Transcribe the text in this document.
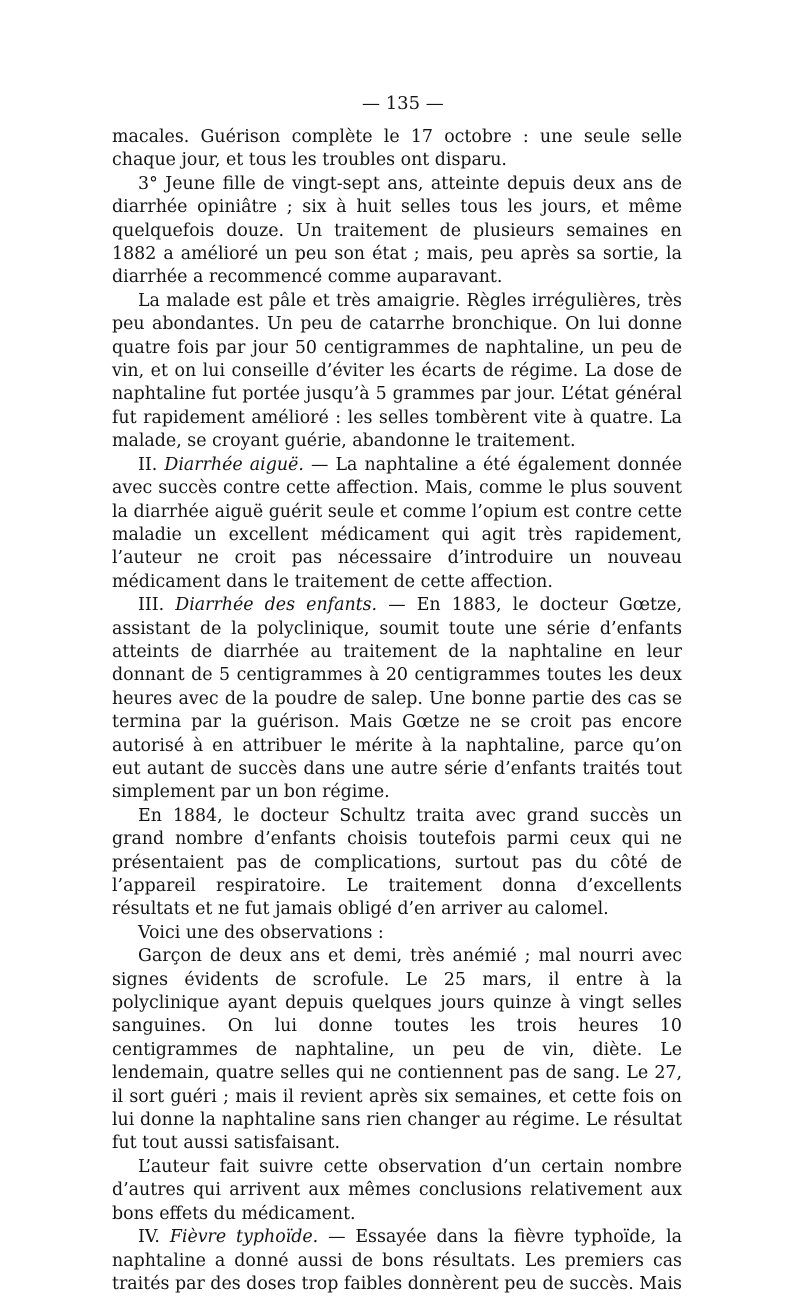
— 135 —

macales. Guérison complète le 17 octobre : une seule selle chaque jour, et tous les troubles ont disparu.

3° Jeune fille de vingt-sept ans, atteinte depuis deux ans de diarrhée opiniâtre ; six à huit selles tous les jours, et même quelquefois douze. Un traitement de plusieurs semaines en 1882 a amélioré un peu son état ; mais, peu après sa sortie, la diarrhée a recommencé comme auparavant.

La malade est pâle et très amaigrie. Règles irrégulières, très peu abondantes. Un peu de catarrhe bronchique. On lui donne quatre fois par jour 50 centigrammes de naphtaline, un peu de vin, et on lui conseille d’éviter les écarts de régime. La dose de naphtaline fut portée jusqu’à 5 grammes par jour. L’état général fut rapidement amélioré : les selles tombèrent vite à quatre. La malade, se croyant guérie, abandonne le traitement.

II. Diarrhée aiguë. — La naphtaline a été également donnée avec succès contre cette affection. Mais, comme le plus souvent la diarrhée aiguë guérit seule et comme l’opium est contre cette maladie un excellent médicament qui agit très rapidement, l’auteur ne croit pas nécessaire d’introduire un nouveau médicament dans le traitement de cette affection.

III. Diarrhée des enfants. — En 1883, le docteur Gœtze, assistant de la polyclinique, soumit toute une série d’enfants atteints de diarrhée au traitement de la naphtaline en leur donnant de 5 centigrammes à 20 centigrammes toutes les deux heures avec de la poudre de salep. Une bonne partie des cas se termina par la guérison. Mais Gœtze ne se croit pas encore autorisé à en attribuer le mérite à la naphtaline, parce qu’on eut autant de succès dans une autre série d’enfants traités tout simplement par un bon régime.

En 1884, le docteur Schultz traita avec grand succès un grand nombre d’enfants choisis toutefois parmi ceux qui ne présentaient pas de complications, surtout pas du côté de l’appareil respiratoire. Le traitement donna d’excellents résultats et ne fut jamais obligé d’en arriver au calomel.

Voici une des observations :

Garçon de deux ans et demi, très anémié ; mal nourri avec signes évidents de scrofule. Le 25 mars, il entre à la polyclinique ayant depuis quelques jours quinze à vingt selles sanguines. On lui donne toutes les trois heures 10 centigrammes de naphtaline, un peu de vin, diète. Le lendemain, quatre selles qui ne contiennent pas de sang. Le 27, il sort guéri ; mais il revient après six semaines, et cette fois on lui donne la naphtaline sans rien changer au régime. Le résultat fut tout aussi satisfaisant.

L’auteur fait suivre cette observation d’un certain nombre d’autres qui arrivent aux mêmes conclusions relativement aux bons effets du médicament.

IV. Fièvre typhoïde. — Essayée dans la fièvre typhoïde, la naphtaline a donné aussi de bons résultats. Les premiers cas traités par des doses trop faibles donnèrent peu de succès. Mais
